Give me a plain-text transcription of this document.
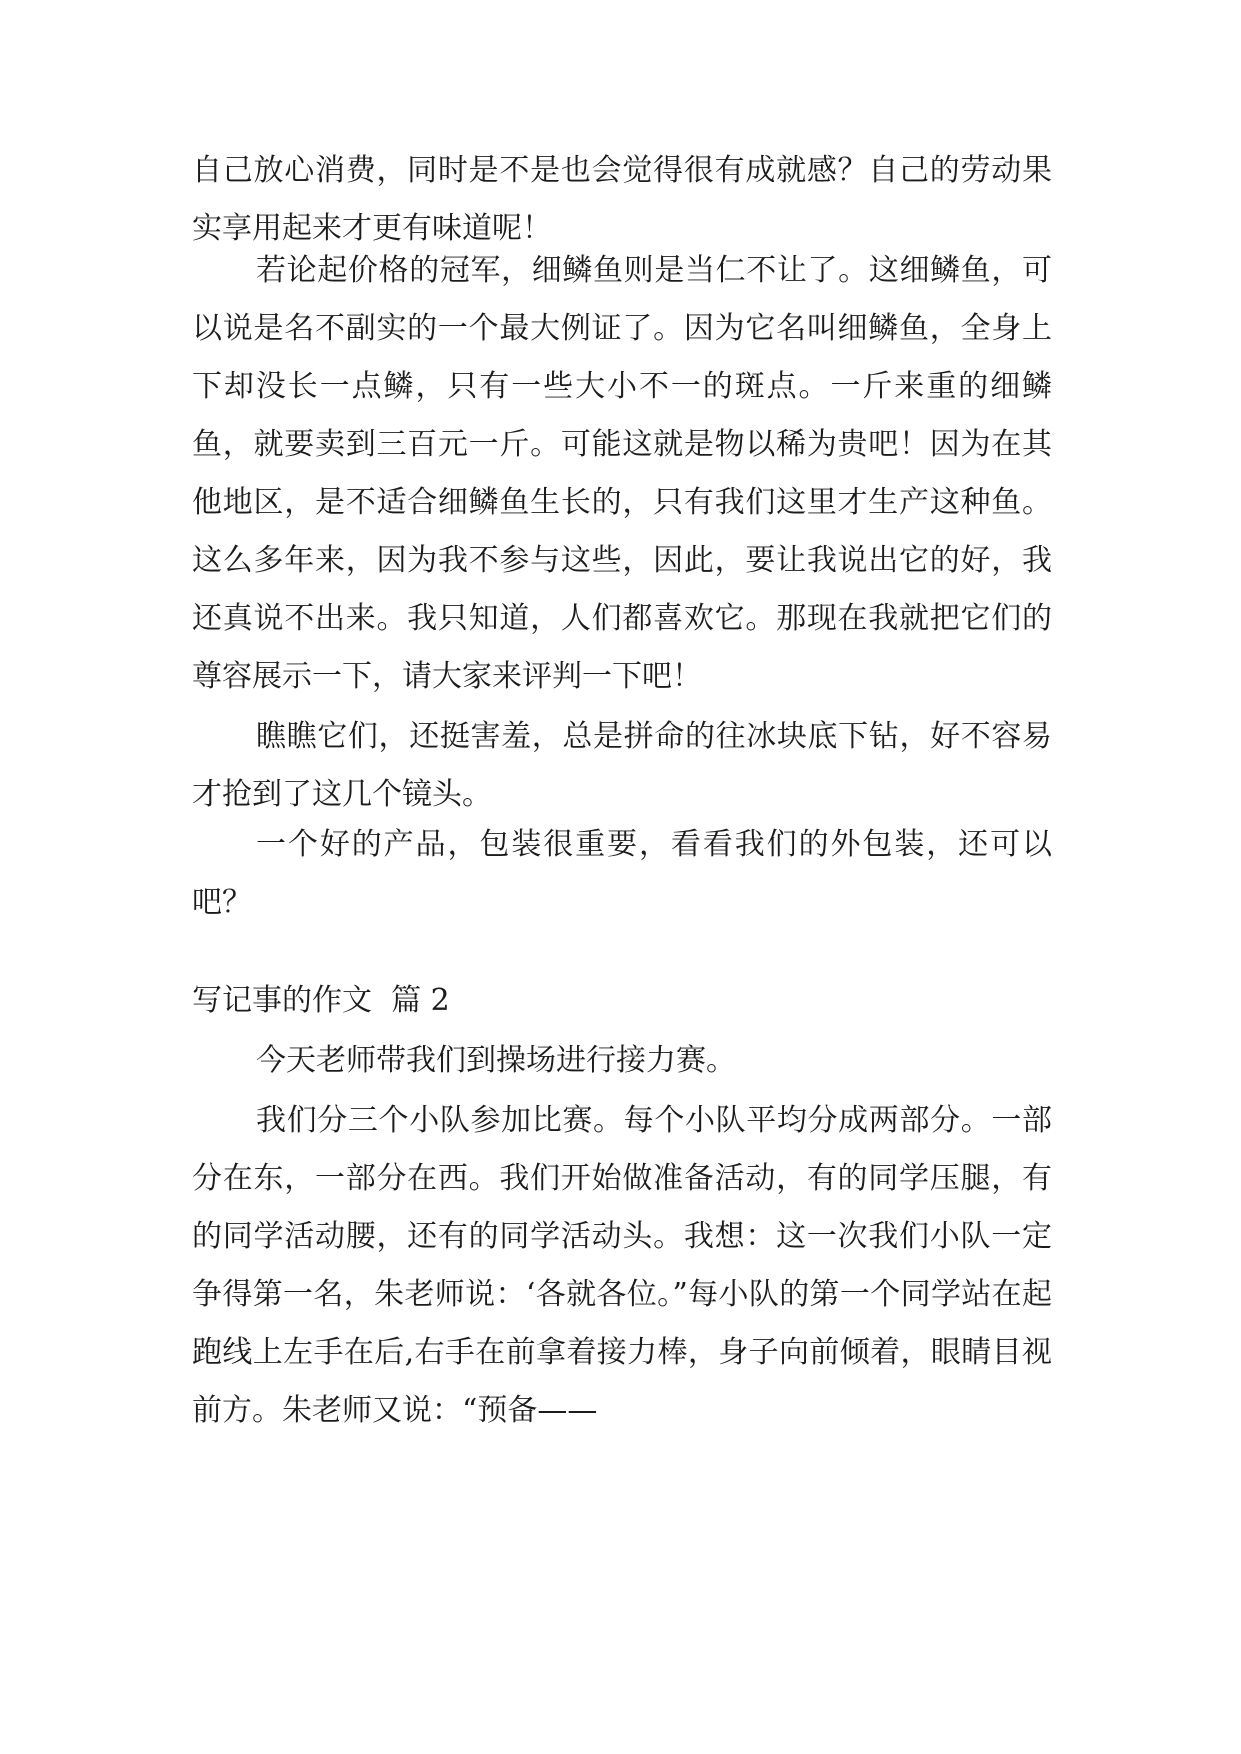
自己放心消费，同时是不是也会觉得很有成就感？自己的劳动果实享用起来才更有味道呢！

若论起价格的冠军，细鳞鱼则是当仁不让了。这细鳞鱼，可以说是名不副实的一个最大例证了。因为它名叫细鳞鱼，全身上下却没长一点鳞，只有一些大小不一的斑点。一斤来重的细鳞鱼，就要卖到三百元一斤。可能这就是物以稀为贵吧！因为在其他地区，是不适合细鳞鱼生长的，只有我们这里才生产这种鱼。这么多年来，因为我不参与这些，因此，要让我说出它的好，我还真说不出来。我只知道，人们都喜欢它。那现在我就把它们的尊容展示一下，请大家来评判一下吧！

瞧瞧它们，还挺害羞，总是拼命的往冰块底下钻，好不容易才抢到了这几个镜头。

一个好的产品，包装很重要，看看我们的外包装，还可以吧？

写记事的作文  篇 2

今天老师带我们到操场进行接力赛。

我们分三个小队参加比赛。每个小队平均分成两部分。一部分在东，一部分在西。我们开始做准备活动，有的同学压腿，有的同学活动腰，还有的同学活动头。我想：这一次我们小队一定争得第一名，朱老师说：‘各就各位。”每小队的第一个同学站在起跑线上左手在后,右手在前拿着接力棒，身子向前倾着，眼睛目视前方。朱老师又说：“预备——
